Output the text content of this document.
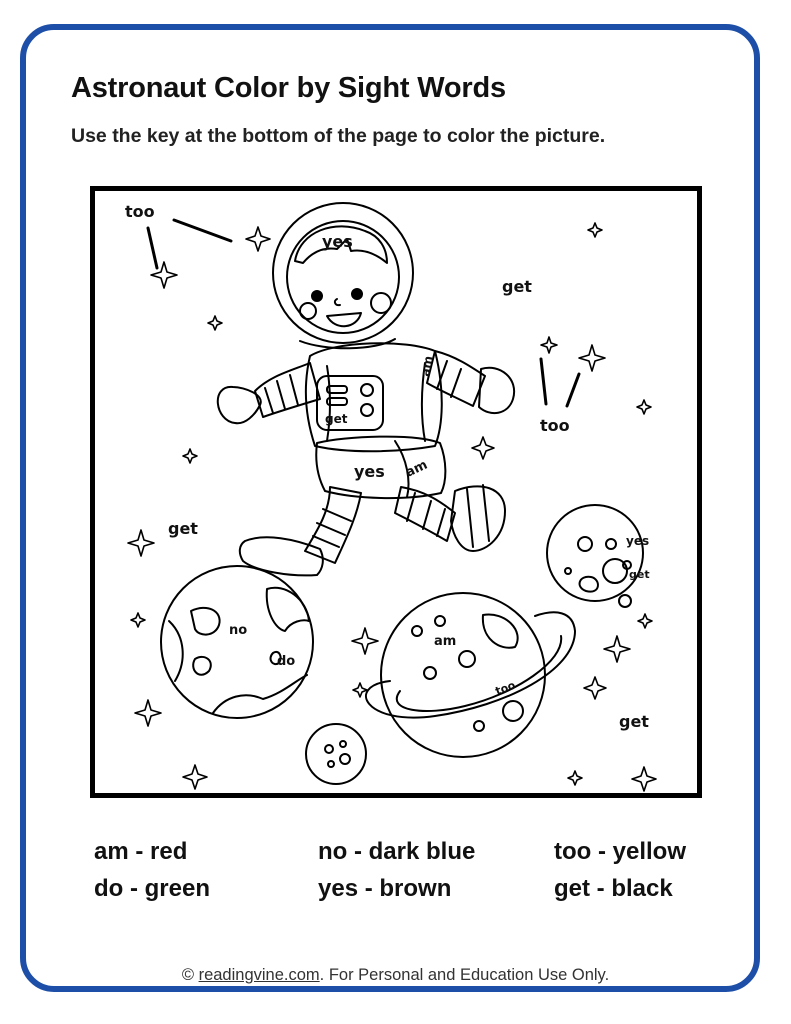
Astronaut Color by Sight Words
Use the key at the bottom of the page to color the picture.
too
yes
get
am
too
get
yes am
get
yes
get
no
do
am
too
get
am - red	no - dark blue	too - yellow
do - green	yes - brown	get - black
© readingvine.com. For Personal and Education Use Only.
